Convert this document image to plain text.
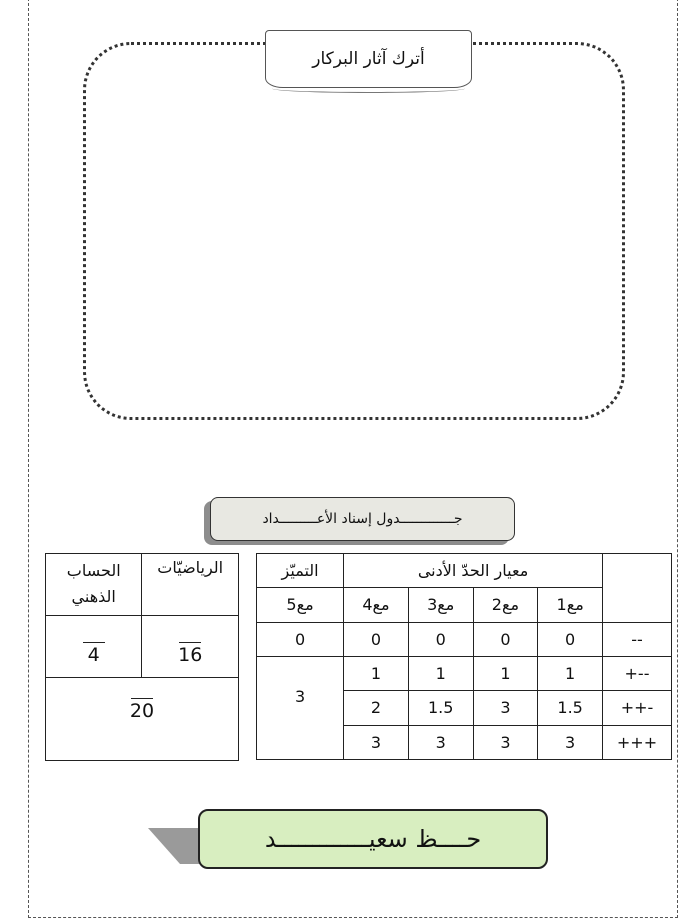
أترك آثار البركار
جـــــــــــــدول إسناد الأعـــــــــداد
	معيار الحدّ الأدنى				التميّز
	مع1	مع2	مع3	مع4	مع5
--	0	0	0	0	0
+--	1	1	1	1	3
++-	1.5	3	1.5	2	
+++	3	3	3	3	
الرياضيّات	الحساب الذهني

16	4

20	
حــــظ سعيـــــــــــــد
